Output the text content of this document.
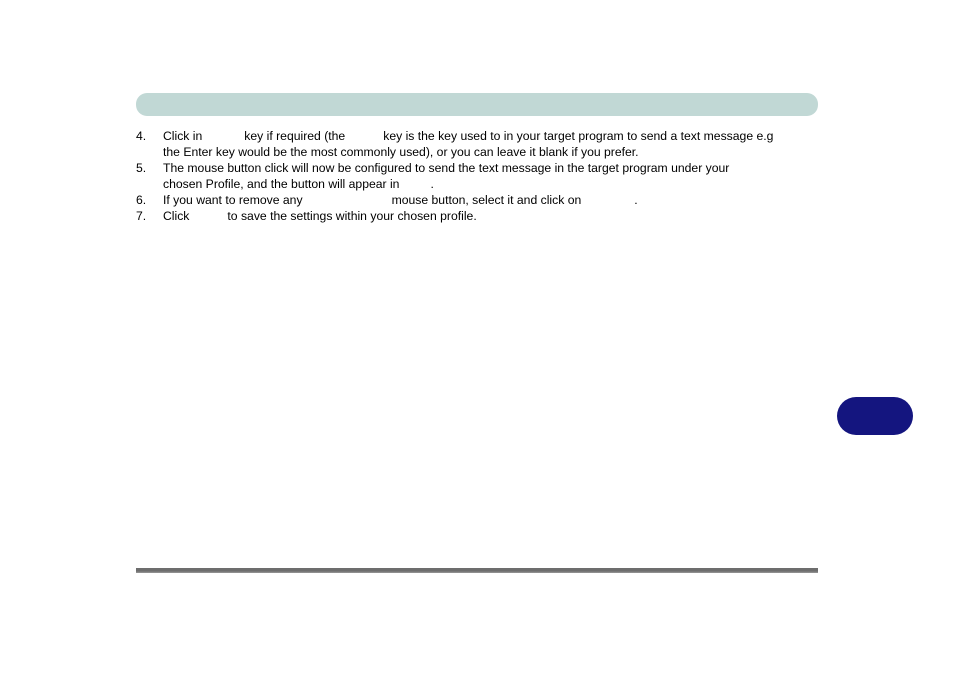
4.	Click in	key if required (the	key is the key used to in your target program to send a text message e.g
the Enter key would be the most commonly used), or you can leave it blank if you prefer.
5.	The mouse button click will now be configured to send the text message in the target program under your
chosen Profile, and the button will appear in	.
6.	If you want to remove any	mouse button, select it and click on	.
7.	Click	to save the settings within your chosen profile.
